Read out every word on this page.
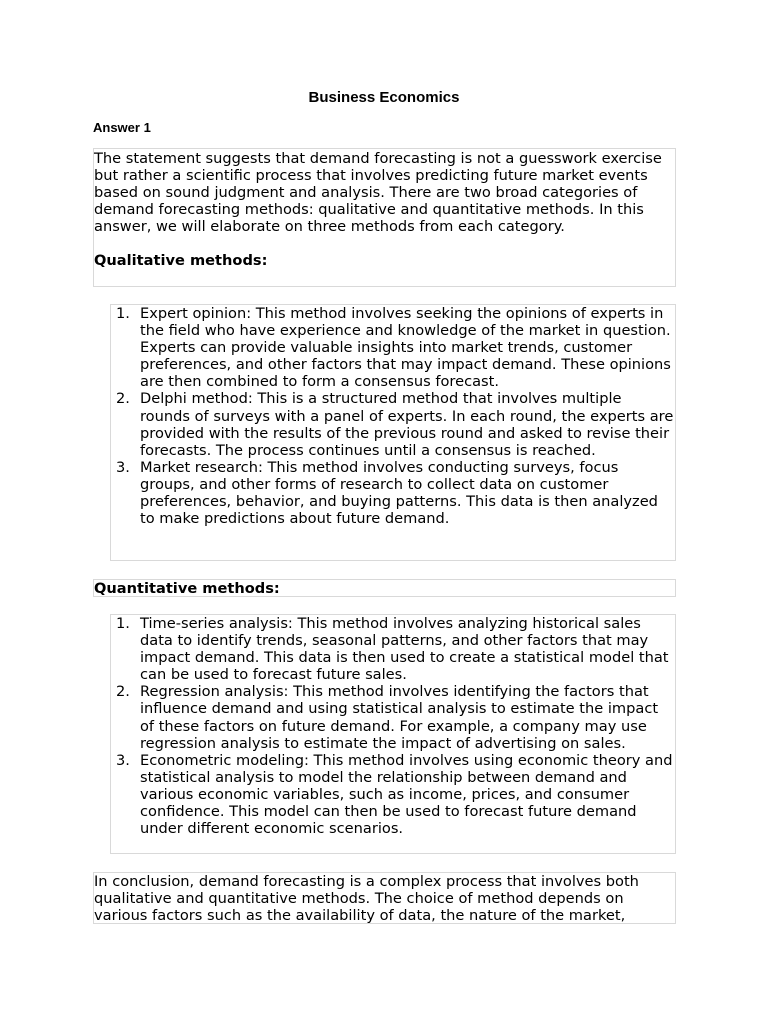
Business Economics
Answer 1

The statement suggests that demand forecasting is not a guesswork exercise but rather a scientific process that involves predicting future market events based on sound judgment and analysis. There are two broad categories of demand forecasting methods: qualitative and quantitative methods. In this answer, we will elaborate on three methods from each category.

Qualitative methods:

1. Expert opinion: This method involves seeking the opinions of experts in the field who have experience and knowledge of the market in question. Experts can provide valuable insights into market trends, customer preferences, and other factors that may impact demand. These opinions are then combined to form a consensus forecast.
2. Delphi method: This is a structured method that involves multiple rounds of surveys with a panel of experts. In each round, the experts are provided with the results of the previous round and asked to revise their forecasts. The process continues until a consensus is reached.
3. Market research: This method involves conducting surveys, focus groups, and other forms of research to collect data on customer preferences, behavior, and buying patterns. This data is then analyzed to make predictions about future demand.

Quantitative methods:

1. Time-series analysis: This method involves analyzing historical sales data to identify trends, seasonal patterns, and other factors that may impact demand. This data is then used to create a statistical model that can be used to forecast future sales.
2. Regression analysis: This method involves identifying the factors that influence demand and using statistical analysis to estimate the impact of these factors on future demand. For example, a company may use regression analysis to estimate the impact of advertising on sales.
3. Econometric modeling: This method involves using economic theory and statistical analysis to model the relationship between demand and various economic variables, such as income, prices, and consumer confidence. This model can then be used to forecast future demand under different economic scenarios.

In conclusion, demand forecasting is a complex process that involves both qualitative and quantitative methods. The choice of method depends on various factors such as the availability of data, the nature of the market,
